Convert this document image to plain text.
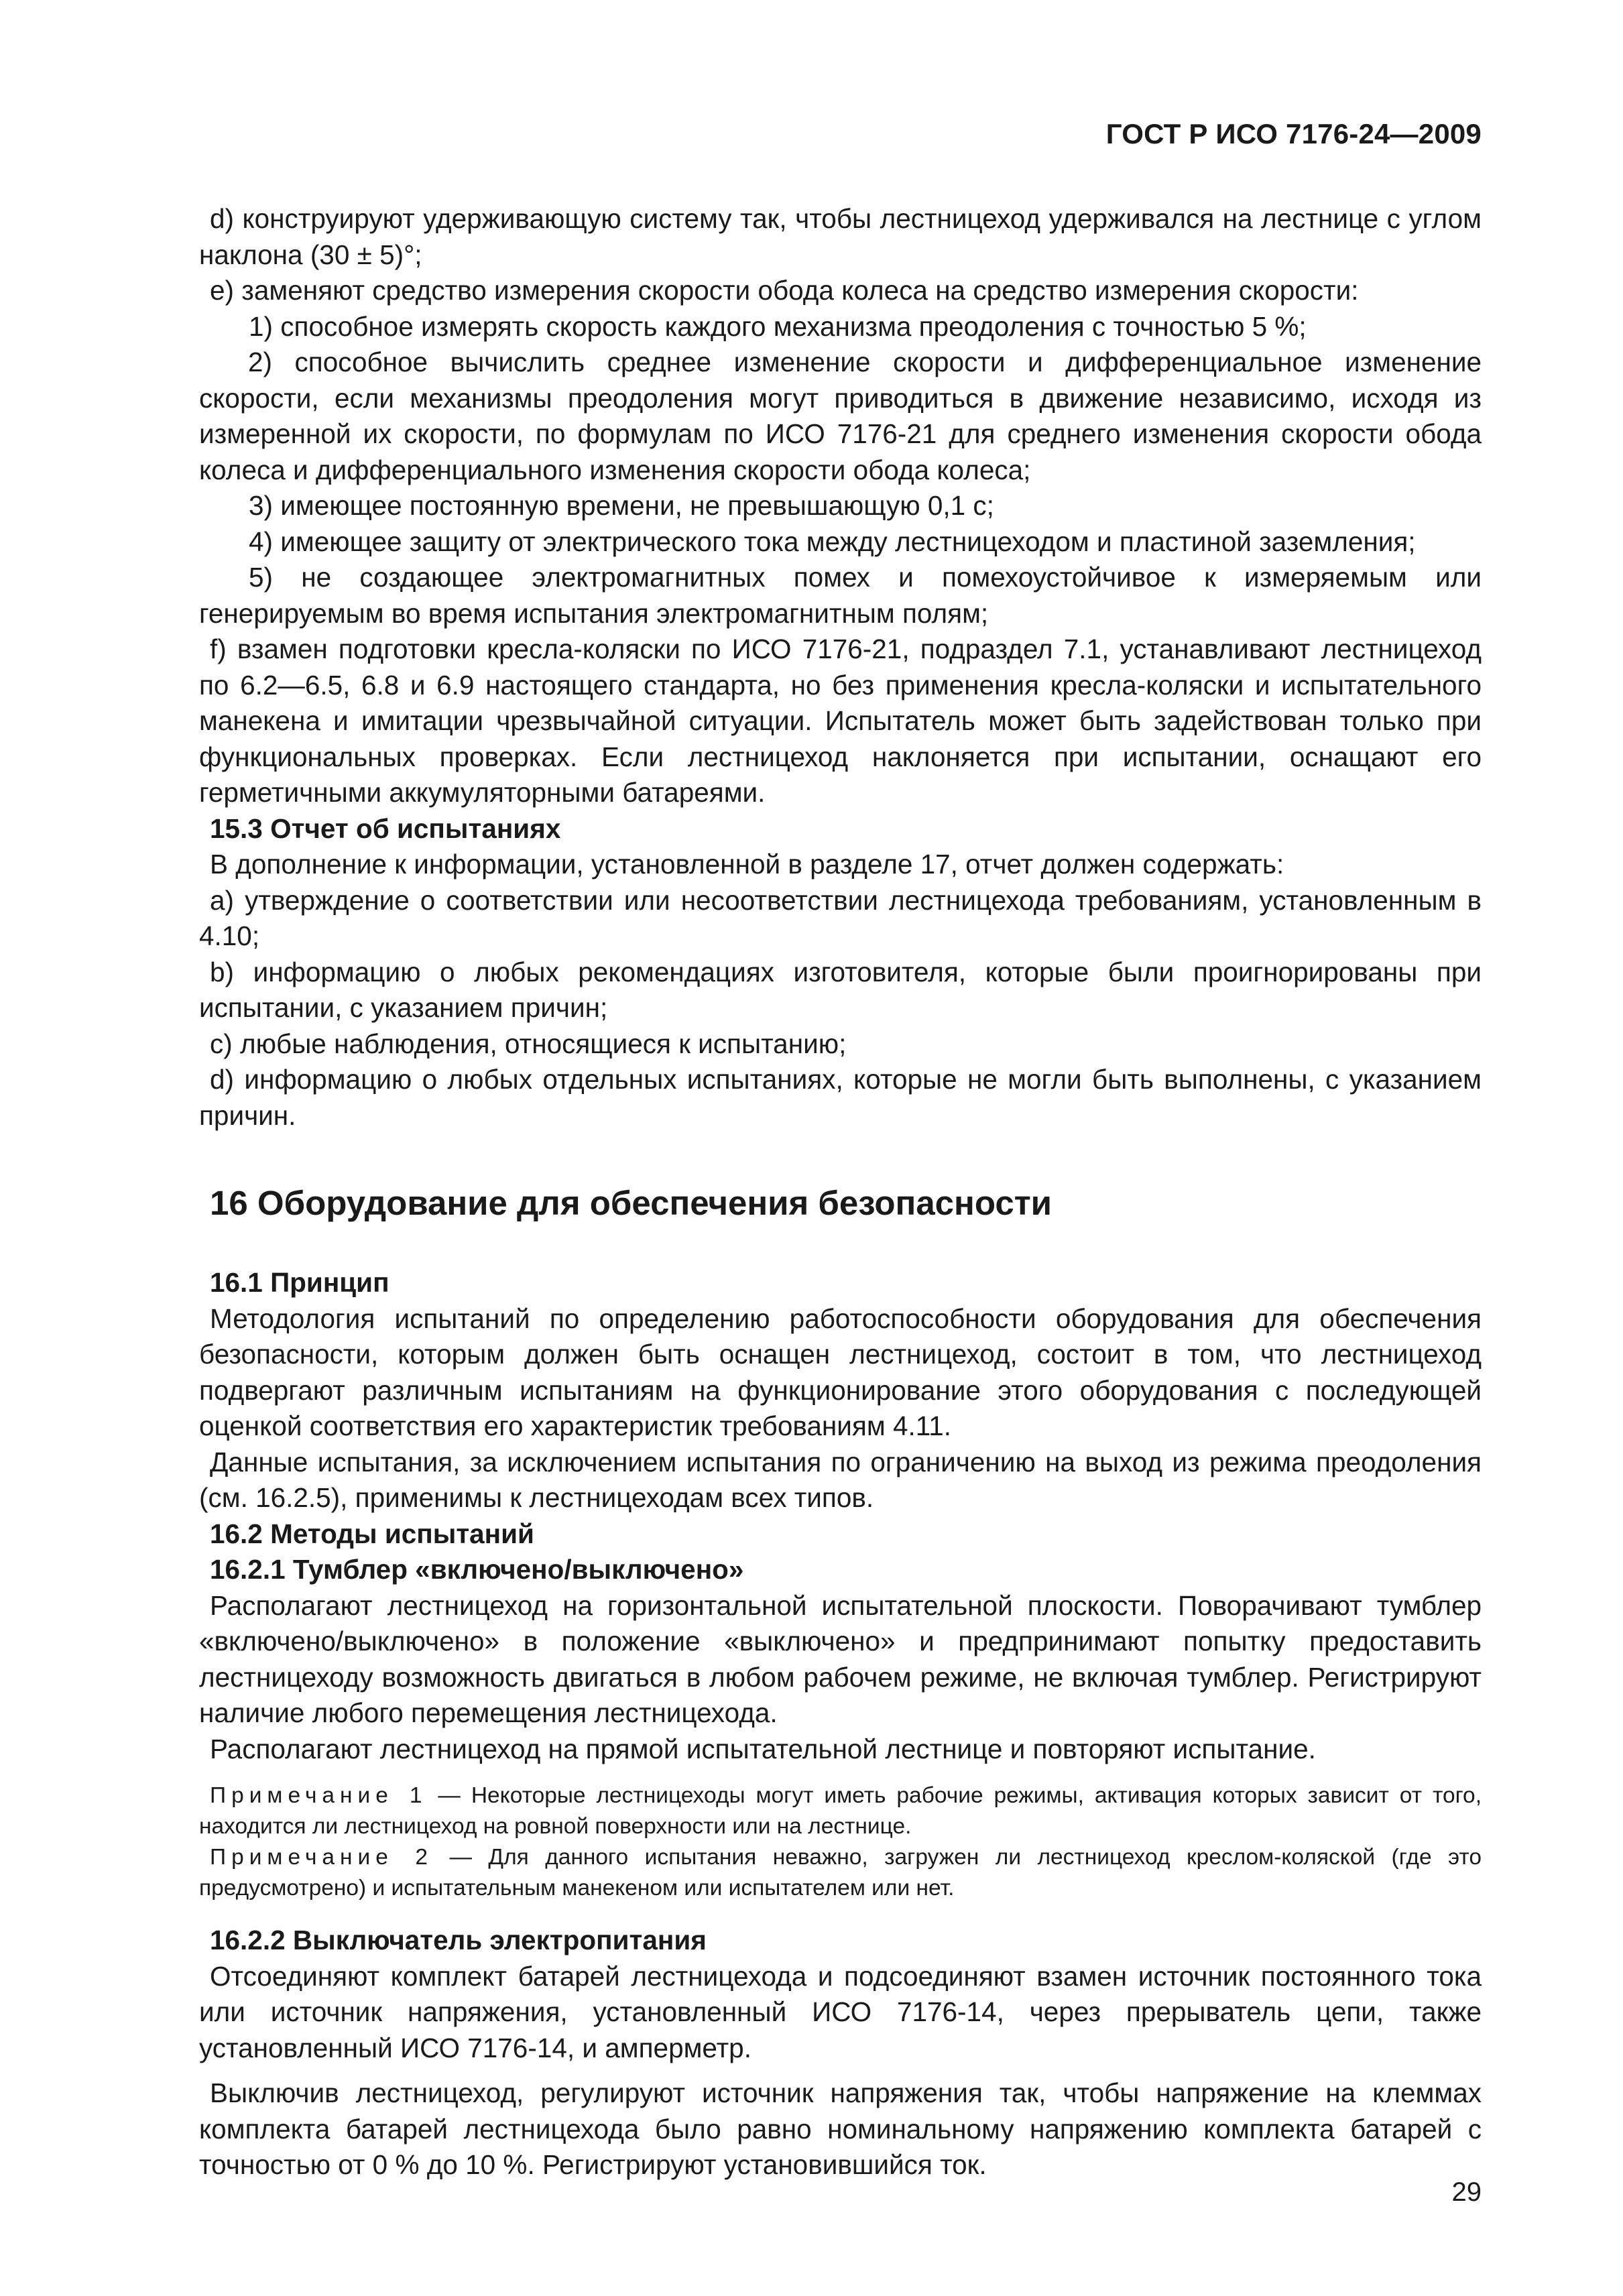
ГОСТ Р ИСО 7176-24—2009

d) конструируют удерживающую систему так, чтобы лестницеход удерживался на лестнице с углом наклона (30 ± 5)°;

e) заменяют средство измерения скорости обода колеса на средство измерения скорости:

1) способное измерять скорость каждого механизма преодоления с точностью 5 %;

2) способное вычислить среднее изменение скорости и дифференциальное изменение скорости, если механизмы преодоления могут приводиться в движение независимо, исходя из измеренной их скорости, по формулам по ИСО 7176-21 для среднего изменения скорости обода колеса и дифференциального изменения скорости обода колеса;

3) имеющее постоянную времени, не превышающую 0,1 с;

4) имеющее защиту от электрического тока между лестницеходом и пластиной заземления;

5) не создающее электромагнитных помех и помехоустойчивое к измеряемым или генерируемым во время испытания электромагнитным полям;

f) взамен подготовки кресла-коляски по ИСО 7176-21, подраздел 7.1, устанавливают лестницеход по 6.2—6.5, 6.8 и 6.9 настоящего стандарта, но без применения кресла-коляски и испытательного манекена и имитации чрезвычайной ситуации. Испытатель может быть задействован только при функциональных проверках. Если лестницеход наклоняется при испытании, оснащают его герметичными аккумуляторными батареями.

15.3 Отчет об испытаниях

В дополнение к информации, установленной в разделе 17, отчет должен содержать:

a) утверждение о соответствии или несоответствии лестницехода требованиям, установленным в 4.10;

b) информацию о любых рекомендациях изготовителя, которые были проигнорированы при испытании, с указанием причин;

c) любые наблюдения, относящиеся к испытанию;

d) информацию о любых отдельных испытаниях, которые не могли быть выполнены, с указанием причин.

16 Оборудование для обеспечения безопасности

16.1 Принцип

Методология испытаний по определению работоспособности оборудования для обеспечения безопасности, которым должен быть оснащен лестницеход, состоит в том, что лестницеход подвергают различным испытаниям на функционирование этого оборудования с последующей оценкой соответствия его характеристик требованиям 4.11.

Данные испытания, за исключением испытания по ограничению на выход из режима преодоления (см. 16.2.5), применимы к лестницеходам всех типов.

16.2 Методы испытаний

16.2.1 Тумблер «включено/выключено»

Располагают лестницеход на горизонтальной испытательной плоскости. Поворачивают тумблер «включено/выключено» в положение «выключено» и предпринимают попытку предоставить лестницеходу возможность двигаться в любом рабочем режиме, не включая тумблер. Регистрируют наличие любого перемещения лестницехода.

Располагают лестницеход на прямой испытательной лестнице и повторяют испытание.

Примечание 1 — Некоторые лестницеходы могут иметь рабочие режимы, активация которых зависит от того, находится ли лестницеход на ровной поверхности или на лестнице.

Примечание 2 — Для данного испытания неважно, загружен ли лестницеход креслом-коляской (где это предусмотрено) и испытательным манекеном или испытателем или нет.

16.2.2 Выключатель электропитания

Отсоединяют комплект батарей лестницехода и подсоединяют взамен источник постоянного тока или источник напряжения, установленный ИСО 7176-14, через прерыватель цепи, также установленный ИСО 7176-14, и амперметр.

Выключив лестницеход, регулируют источник напряжения так, чтобы напряжение на клеммах комплекта батарей лестницехода было равно номинальному напряжению комплекта батарей с точностью от 0 % до 10 %. Регистрируют установившийся ток.

29
